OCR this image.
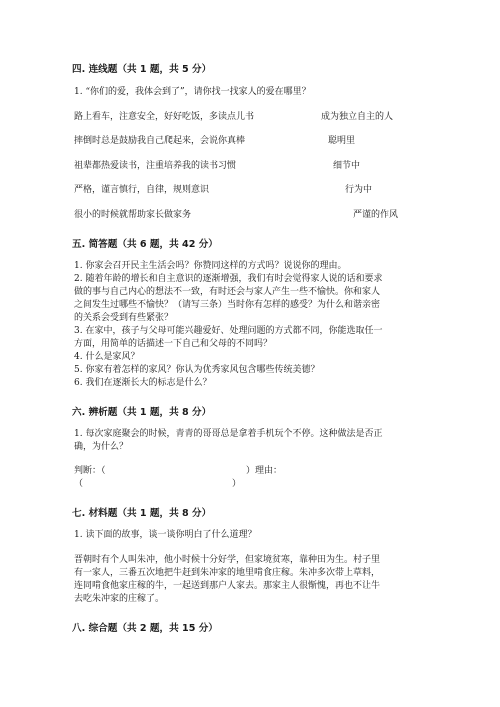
四. 连线题（共 1 题，共 5 分）
1. “你们的爱，我体会到了”，请你找一找家人的爱在哪里？
路上看车，注意安全，好好吃饭，多读点儿书	成为独立自主的人
摔倒时总是鼓励我自己爬起来，会说你真棒	聪明里
祖辈都热爱读书，注重培养我的读书习惯	细节中
严格，谨言慎行，自律，规则意识	行为中
很小的时候就帮助家长做家务	严谨的作风
五. 简答题（共 6 题，共 42 分）
1. 你家会召开民主生活会吗？你赞同这样的方式吗？说说你的理由。
2. 随着年龄的增长和自主意识的逐渐增强，我们有时会觉得家人说的话和要求
做的事与自己内心的想法不一致，有时还会与家人产生一些不愉快。你和家人
之间发生过哪些不愉快？（请写三条）当时你有怎样的感受？为什么和谐亲密
的关系会受到有些紧张？
3. 在家中，孩子与父母可能兴趣爱好、处理问题的方式都不同，你能选取任一
方面，用简单的话描述一下自己和父母的不同吗？
4. 什么是家风？
5. 你家有着怎样的家风？你认为优秀家风包含哪些传统美德？
6. 我们在逐渐长大的标志是什么？
六. 辨析题（共 1 题，共 8 分）
1. 每次家庭聚会的时候，青青的哥哥总是拿着手机玩个不停。这种做法是否正
确，为什么？
判断：（	）理由：
（	）
七. 材料题（共 1 题，共 8 分）
1. 读下面的故事，谈一谈你明白了什么道理？
晋朝时有个人叫朱冲，他小时候十分好学，但家境贫寒，靠种田为生。村子里
有一家人，三番五次地把牛赶到朱冲家的地里啃食庄稼。朱冲多次带上草料，
连同啃食他家庄稼的牛，一起送到那户人家去。那家主人很惭愧，再也不让牛
去吃朱冲家的庄稼了。
八. 综合题（共 2 题，共 15 分）
